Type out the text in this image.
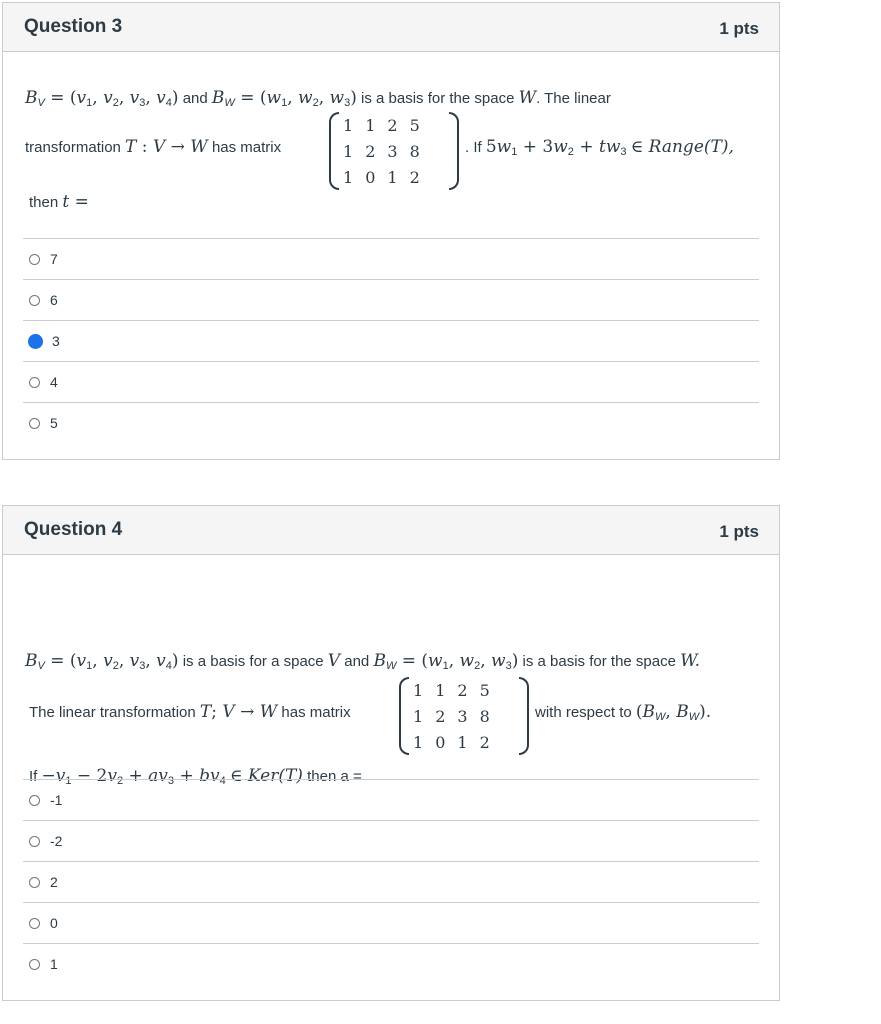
Question 3	1 pts
$B_V = (v_1$, $v_2$, $v_3$, $v_4$) and $B_W = (w_1$, $w_2$, $w_3$) is a basis for the space W. The linear
transformation T : V → W has matrix
1	1	2	5
1	2	3	8
1	0	1	2
. If $5w_1 + 3w_2 + tw_3$ ∈ Range(T),
then t =
7
6
3
4
5
Question 4	1 pts
$B_V = (v_1$, $v_2$, $v_3$, $v_4$) is a basis for a space V and $B_W = (w_1$, $w_2$, $w_3$) is a basis for the space W.
The linear transformation T; V → W has matrix
1	1	2	5
1	2	3	8
1	0	1	2
with respect to ($B_W$, $B_W$).
$If -v_1 - 2v_2 + av_3 + bv_4$ ∈ Ker(T) then a =
-1
-2
2
0
1
